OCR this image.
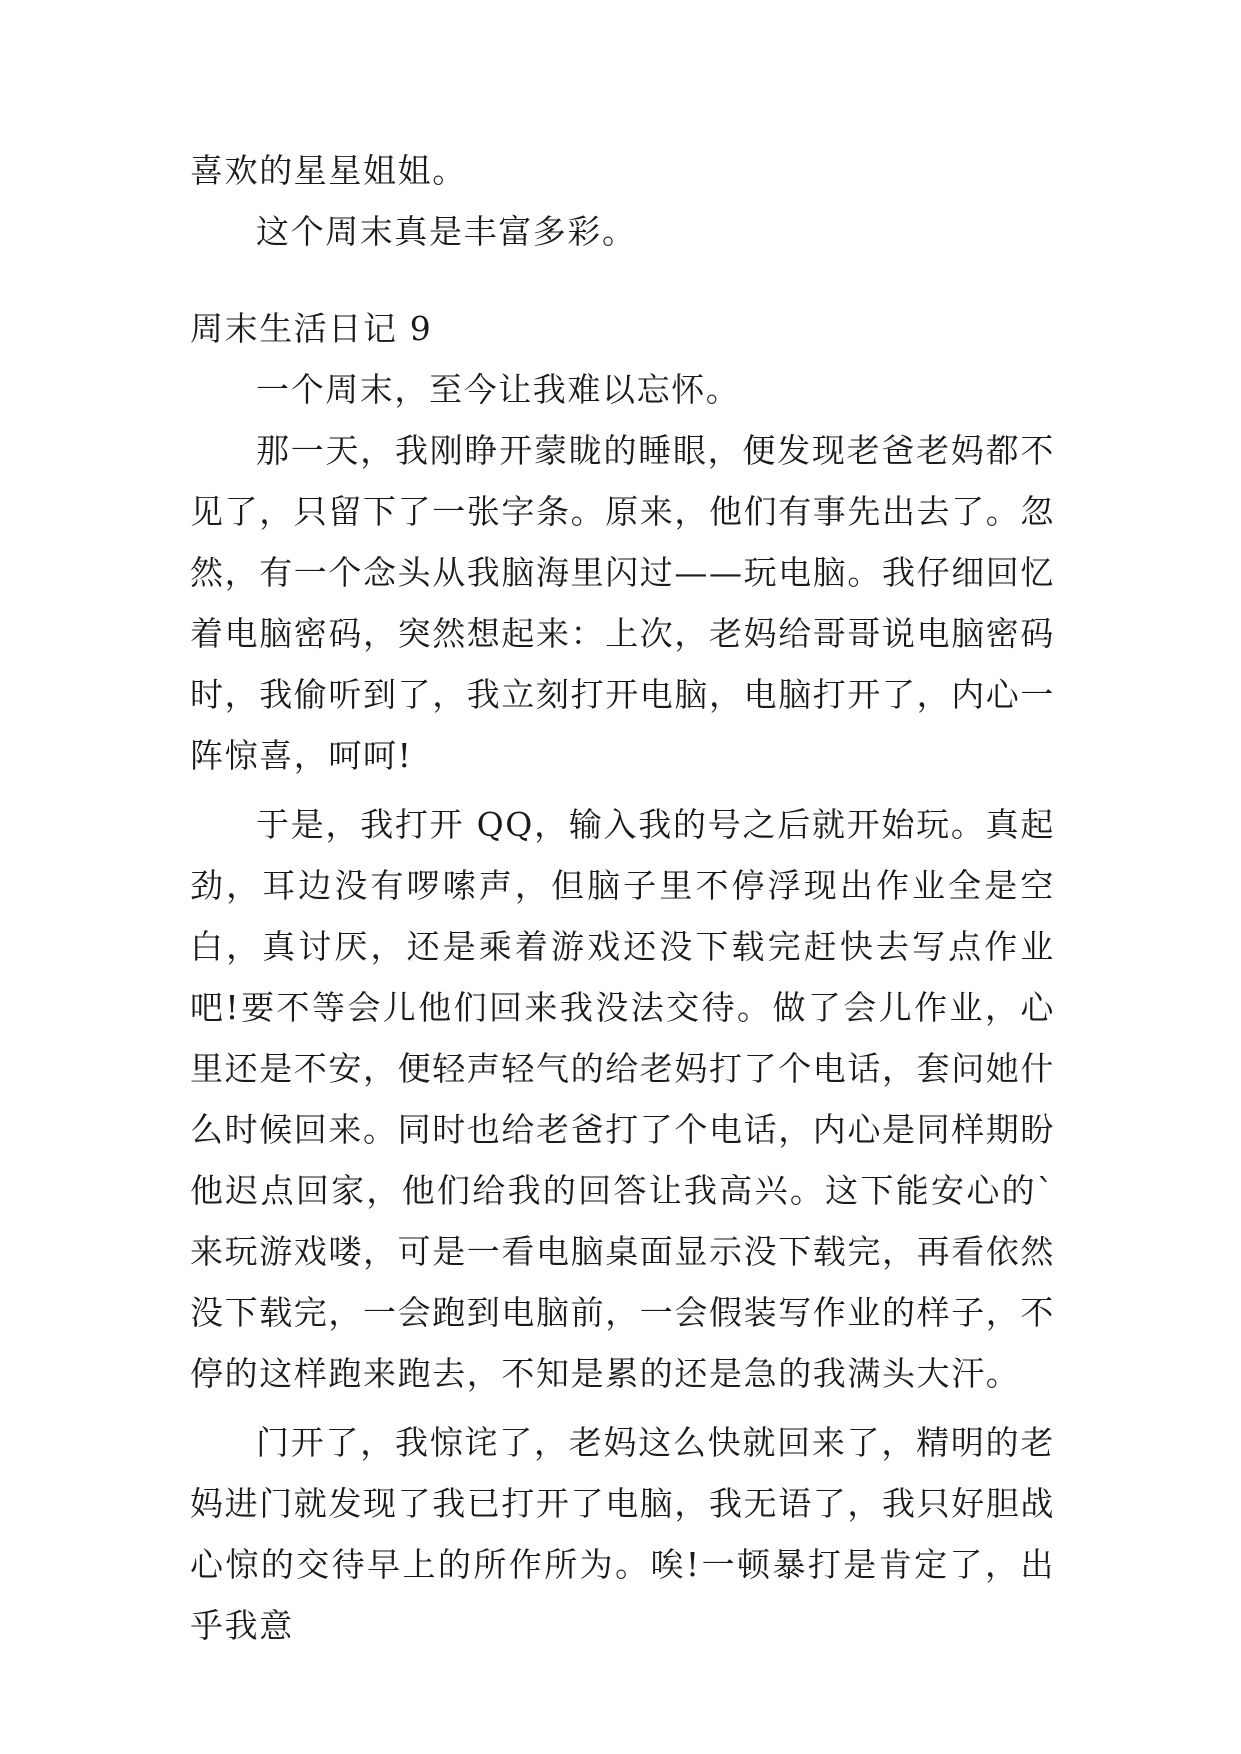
喜欢的星星姐姐。

这个周末真是丰富多彩。

周末生活日记 9

一个周末，至今让我难以忘怀。

那一天，我刚睁开蒙眬的睡眼，便发现老爸老妈都不见了，只留下了一张字条。原来，他们有事先出去了。忽然，有一个念头从我脑海里闪过——玩电脑。我仔细回忆着电脑密码，突然想起来：上次，老妈给哥哥说电脑密码时，我偷听到了，我立刻打开电脑，电脑打开了，内心一阵惊喜，呵呵!

于是，我打开 QQ，输入我的号之后就开始玩。真起劲，耳边没有啰嗦声，但脑子里不停浮现出作业全是空白，真讨厌，还是乘着游戏还没下载完赶快去写点作业吧!要不等会儿他们回来我没法交待。做了会儿作业，心里还是不安，便轻声轻气的给老妈打了个电话，套问她什么时候回来。同时也给老爸打了个电话，内心是同样期盼他迟点回家，他们给我的回答让我高兴。这下能安心的`来玩游戏喽，可是一看电脑桌面显示没下载完，再看依然没下载完，一会跑到电脑前，一会假装写作业的样子，不停的这样跑来跑去，不知是累的还是急的我满头大汗。

门开了，我惊诧了，老妈这么快就回来了，精明的老妈进门就发现了我已打开了电脑，我无语了，我只好胆战心惊的交待早上的所作所为。唉!一顿暴打是肯定了，出乎我意
